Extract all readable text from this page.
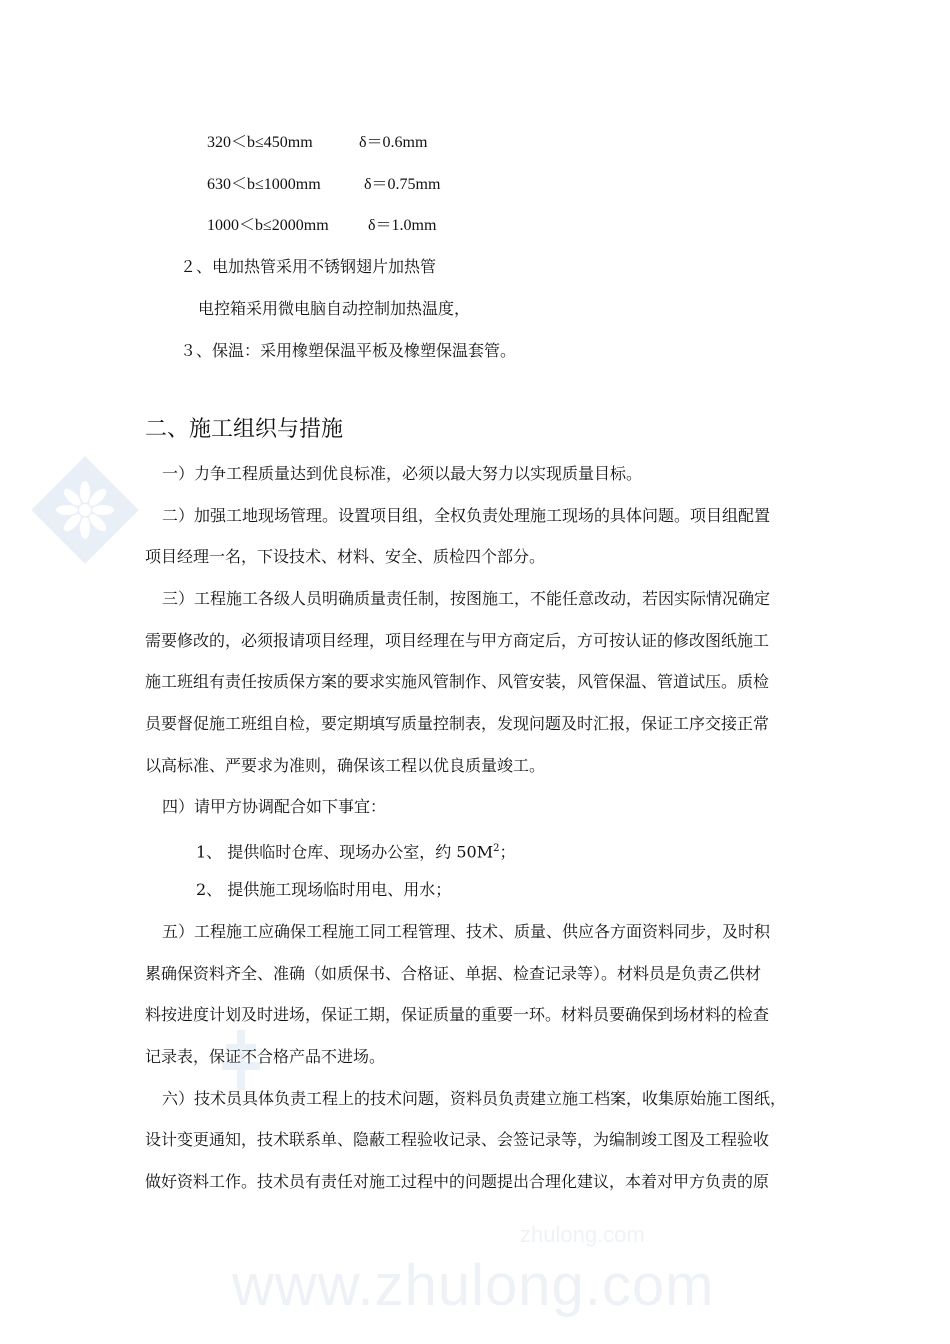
zhulong.com
www.zhulong.com
320＜b≤450mm	δ＝0.6mm
630＜b≤1000mm	δ＝0.75mm
1000＜b≤2000mm δ＝1.0mm
２、电加热管采用不锈钢翅片加热管
电控箱采用微电脑自动控制加热温度，
３、保温：采用橡塑保温平板及橡塑保温套管。
二、施工组织与措施
一）力争工程质量达到优良标准，必须以最大努力以实现质量目标。
二）加强工地现场管理。设置项目组，全权负责处理施工现场的具体问题。项目组配置
项目经理一名，下设技术、材料、安全、质检四个部分。
三）工程施工各级人员明确质量责任制，按图施工，不能任意改动，若因实际情况确定
需要修改的，必须报请项目经理，项目经理在与甲方商定后，方可按认证的修改图纸施工
施工班组有责任按质保方案的要求实施风管制作、风管安装，风管保温、管道试压。质检
员要督促施工班组自检，要定期填写质量控制表，发现问题及时汇报，保证工序交接正常
以高标准、严要求为准则，确保该工程以优良质量竣工。
四）请甲方协调配合如下事宜：
1、 提供临时仓库、现场办公室，约 $50M^2$；
2、 提供施工现场临时用电、用水；
五）工程施工应确保工程施工同工程管理、技术、质量、供应各方面资料同步，及时积
累确保资料齐全、准确（如质保书、合格证、单据、检查记录等）。材料员是负责乙供材
料按进度计划及时进场，保证工期，保证质量的重要一环。材料员要确保到场材料的检查
记录表，保证不合格产品不进场。
六）技术员具体负责工程上的技术问题，资料员负责建立施工档案，收集原始施工图纸，
设计变更通知，技术联系单、隐蔽工程验收记录、会签记录等，为编制竣工图及工程验收
做好资料工作。技术员有责任对施工过程中的问题提出合理化建议，本着对甲方负责的原
